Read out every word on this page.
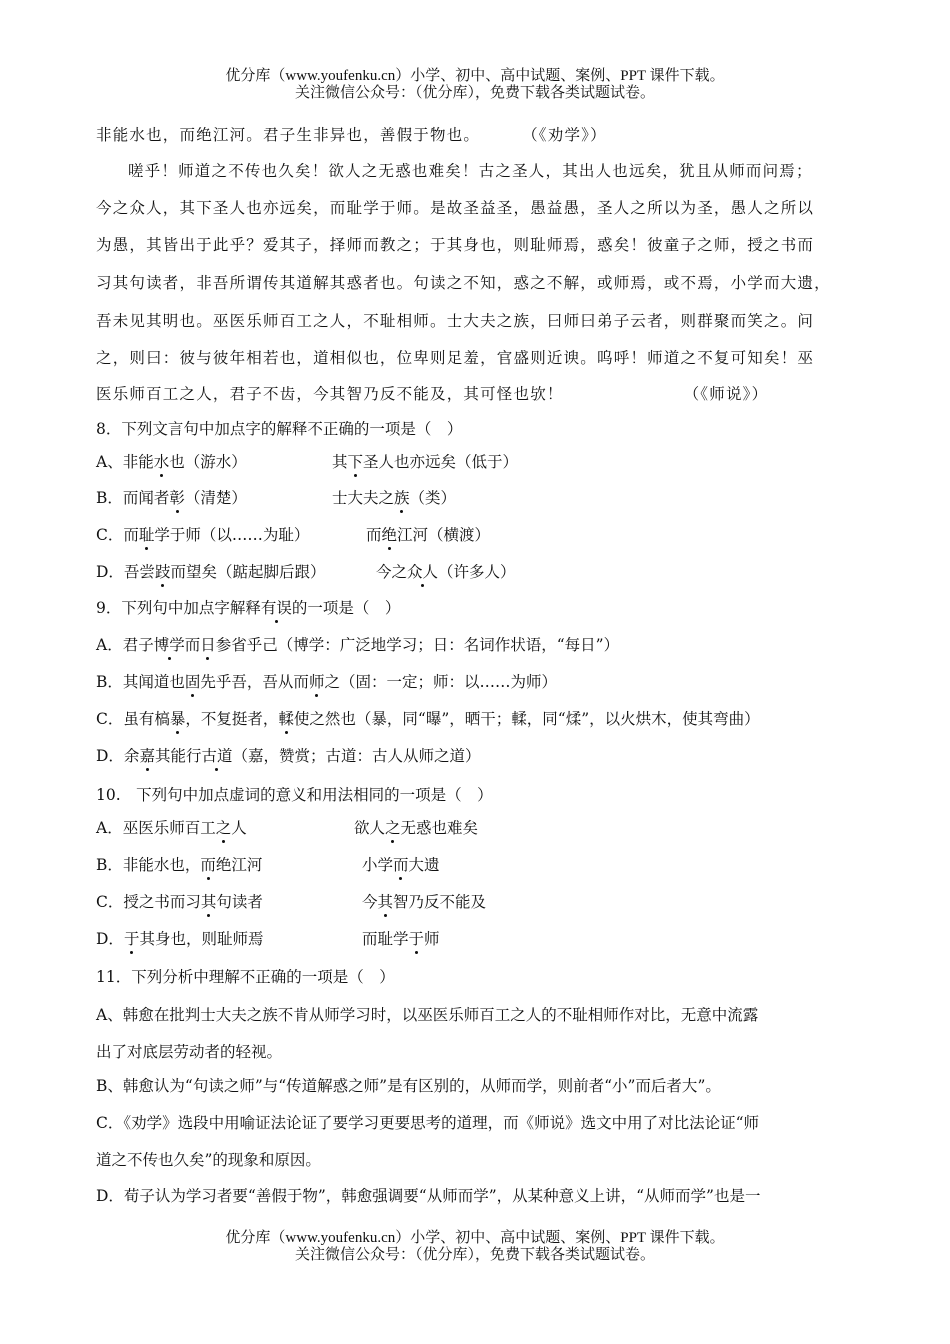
优分库（www.youfenku.cn）小学、初中、高中试题、案例、PPT 课件下载。
关注微信公众号：（优分库），免费下载各类试题试卷。
非能水也，而绝江河。君子生非异也，善假于物也。	（《劝学》）
嗟乎！师道之不传也久矣！欲人之无惑也难矣！古之圣人，其出人也远矣，犹且从师而问焉；
今之众人，其下圣人也亦远矣，而耻学于师。是故圣益圣，愚益愚，圣人之所以为圣，愚人之所以
为愚，其皆出于此乎？爱其子，择师而教之；于其身也，则耻师焉，惑矣！彼童子之师，授之书而
习其句读者，非吾所谓传其道解其惑者也。句读之不知，惑之不解，或师焉，或不焉，小学而大遗，
吾未见其明也。巫医乐师百工之人，不耻相师。士大夫之族，曰师曰弟子云者，则群聚而笑之。问
之，则曰：彼与彼年相若也，道相似也，位卑则足羞，官盛则近谀。呜呼！师道之不复可知矣！巫
医乐师百工之人，君子不齿，今其智乃反不能及，其可怪也欤！	（《师说》）
8．下列文言句中加点字的解释不正确的一项是（　）
A、非能水也（游水）	其下圣人也亦远矣（低于）
B．而闻者彰（清楚）	士大夫之族（类）
C．而耻学于师（以……为耻）	而绝江河（横渡）
D．吾尝跂而望矣（踮起脚后跟）	今之众人（许多人）
9．下列句中加点字解释有误的一项是（　）
A．君子博学而日参省乎己（博学：广泛地学习；日：名词作状语，“每日”）
B．其闻道也固先乎吾，吾从而师之（固：一定；师：以……为师）
C．虽有槁暴，不复挺者，輮使之然也（暴，同“曝”，晒干；輮，同“煣”，以火烘木，使其弯曲）
D．余嘉其能行古道（嘉，赞赏；古道：古人从师之道）
10.　下列句中加点虚词的意义和用法相同的一项是（　）
A．巫医乐师百工之人	欲人之无惑也难矣
B．非能水也，而绝江河	小学而大遗
C．授之书而习其句读者	今其智乃反不能及
D．于其身也，则耻师焉	而耻学于师
11．下列分析中理解不正确的一项是（　）
A、韩愈在批判士大夫之族不肯从师学习时，以巫医乐师百工之人的不耻相师作对比，无意中流露
出了对底层劳动者的轻视。
B、韩愈认为“句读之师”与“传道解惑之师”是有区别的，从师而学，则前者“小”而后者大”。
C．《劝学》选段中用喻证法论证了要学习更要思考的道理，而《师说》选文中用了对比法论证“师
道之不传也久矣”的现象和原因。
D．荀子认为学习者要“善假于物”，韩愈强调要“从师而学”，从某种意义上讲，“从师而学”也是一
优分库（www.youfenku.cn）小学、初中、高中试题、案例、PPT 课件下载。
关注微信公众号：（优分库），免费下载各类试题试卷。
